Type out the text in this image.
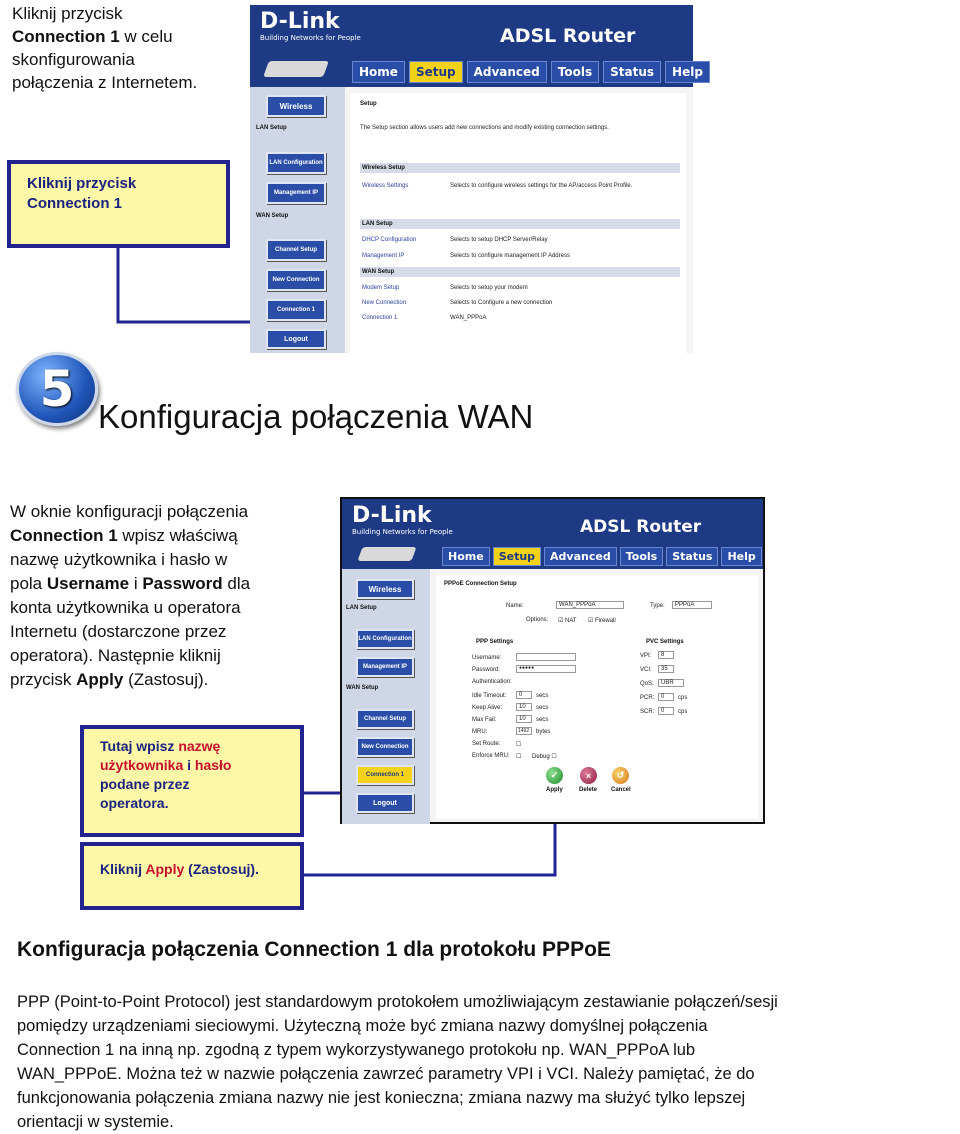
Kliknij przycisk
Connection 1 w celu
skonfigurowania
połączenia z Internetem.
Kliknij przycisk
Connection 1
D-Link
Building Networks for People	ADSL Router
Home	Setup	Advanced	Tools	Status	Help
Wireless
LAN Setup
LAN Configuration
Management IP
WAN Setup
Channel Setup
New Connection
Connection 1
Logout
Setup
The Setup section allows users add new connections and modify existing connection settings.
Wireless Setup
Wireless Settings	Selects to configure wireless settings for the AP/access Point Profile.
LAN Setup
DHCP Configuration	Selects to setup DHCP Server/Relay
Management IP	Selects to configure management IP Address
WAN Setup
Modem Setup	Selects to setup your modem
New Connection	Selects to Configure a new connection
Connection 1	WAN_PPPoA
5 Konfiguracja połączenia WAN
W oknie konfiguracji połączenia
Connection 1 wpisz właściwą
nazwę użytkownika i hasło w
pola Username i Password dla
konta użytkownika u operatora
Internetu (dostarczone przez
operatora). Następnie kliknij
przycisk Apply (Zastosuj).
Tutaj wpisz nazwę
użytkownika i hasło
podane przez
operatora.
Kliknij Apply (Zastosuj).
D-Link
Building Networks for People	ADSL Router
Home	Setup	Advanced	Tools	Status	Help
Wireless
LAN Setup
LAN Configuration
Management IP
WAN Setup
Channel Setup
New Connection
Connection 1
Logout
PPPoE Connection Setup
Name:	WAN_PPPoA	Type: PPPoA
Options: ☑ NAT ☑ Firewall
PPP Settings
Username:
Password:	●●●●●
Authentication:
Idle Timeout: 0 secs
Keep Alive:	10 secs
Max Fail:	10 secs
MRU:	1492 bytes
Set Route:	☐
Enforce MRU: ☐ Debug ☐
PVC Settings
VPI: 8
VCI: 35
QoS: UBR
PCR: 0 cps
SCR: 0 cps
✓
Apply
×
Delete
↺
Cancel
Konfiguracja połączenia Connection 1 dla protokołu PPPoE
PPP (Point-to-Point Protocol) jest standardowym protokołem umożliwiającym zestawianie połączeń/sesji
pomiędzy urządzeniami sieciowymi. Użyteczną może być zmiana nazwy domyślnej połączenia
Connection 1 na inną np. zgodną z typem wykorzystywanego protokołu np. WAN_PPPoA lub
WAN_PPPoE. Można też w nazwie połączenia zawrzeć parametry VPI i VCI. Należy pamiętać, że do
funkcjonowania połączenia zmiana nazwy nie jest konieczna; zmiana nazwy ma służyć tylko lepszej
orientacji w systemie.
